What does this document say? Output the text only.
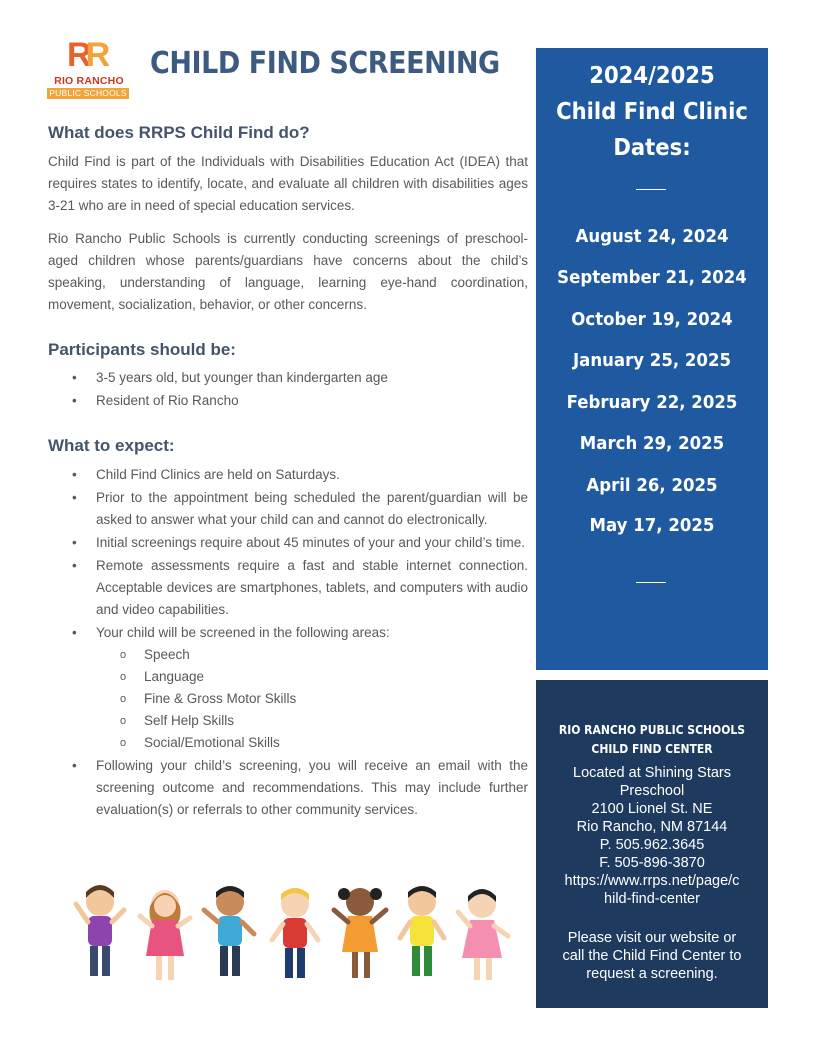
RR
RIO RANCHO
PUBLIC SCHOOLS
CHILD FIND SCREENING
What does RRPS Child Find do?

Child Find is part of the Individuals with Disabilities Education Act (IDEA) that requires states to identify, locate, and evaluate all children with disabilities ages 3-21 who are in need of special education services.

Rio Rancho Public Schools is currently conducting screenings of preschool-aged children whose parents/guardians have concerns about the child’s speaking, understanding of language, learning eye-hand coordination, movement, socialization, behavior, or other concerns.

Participants should be:
• 3-5 years old, but younger than kindergarten age
• Resident of Rio Rancho
What to expect:
• Child Find Clinics are held on Saturdays.
• Prior to the appointment being scheduled the parent/guardian will be asked to answer what your child can and cannot do electronically.
• Initial screenings require about 45 minutes of your and your child’s time.
• Remote assessments require a fast and stable internet connection. Acceptable devices are smartphones, tablets, and computers with audio and video capabilities.
• Your child will be screened in the following areas:
o Speech
o Language
o Fine & Gross Motor Skills
o Self Help Skills
o Social/Emotional Skills
• Following your child’s screening, you will receive an email with the screening outcome and recommendations. This may include further evaluation(s) or referrals to other community services.
2024/2025
Child Find Clinic
Dates:
August 24, 2024
September 21, 2024
October 19, 2024
January 25, 2025
February 22, 2025
March 29, 2025
April 26, 2025
May 17, 2025
RIO RANCHO PUBLIC SCHOOLS
CHILD FIND CENTER
Located at Shining Stars
Preschool
2100 Lionel St. NE
Rio Rancho, NM 87144
P. 505.962.3645
F. 505-896-3870
https://www.rrps.net/page/c
hild-find-center
Please visit our website or
call the Child Find Center to
request a screening.
